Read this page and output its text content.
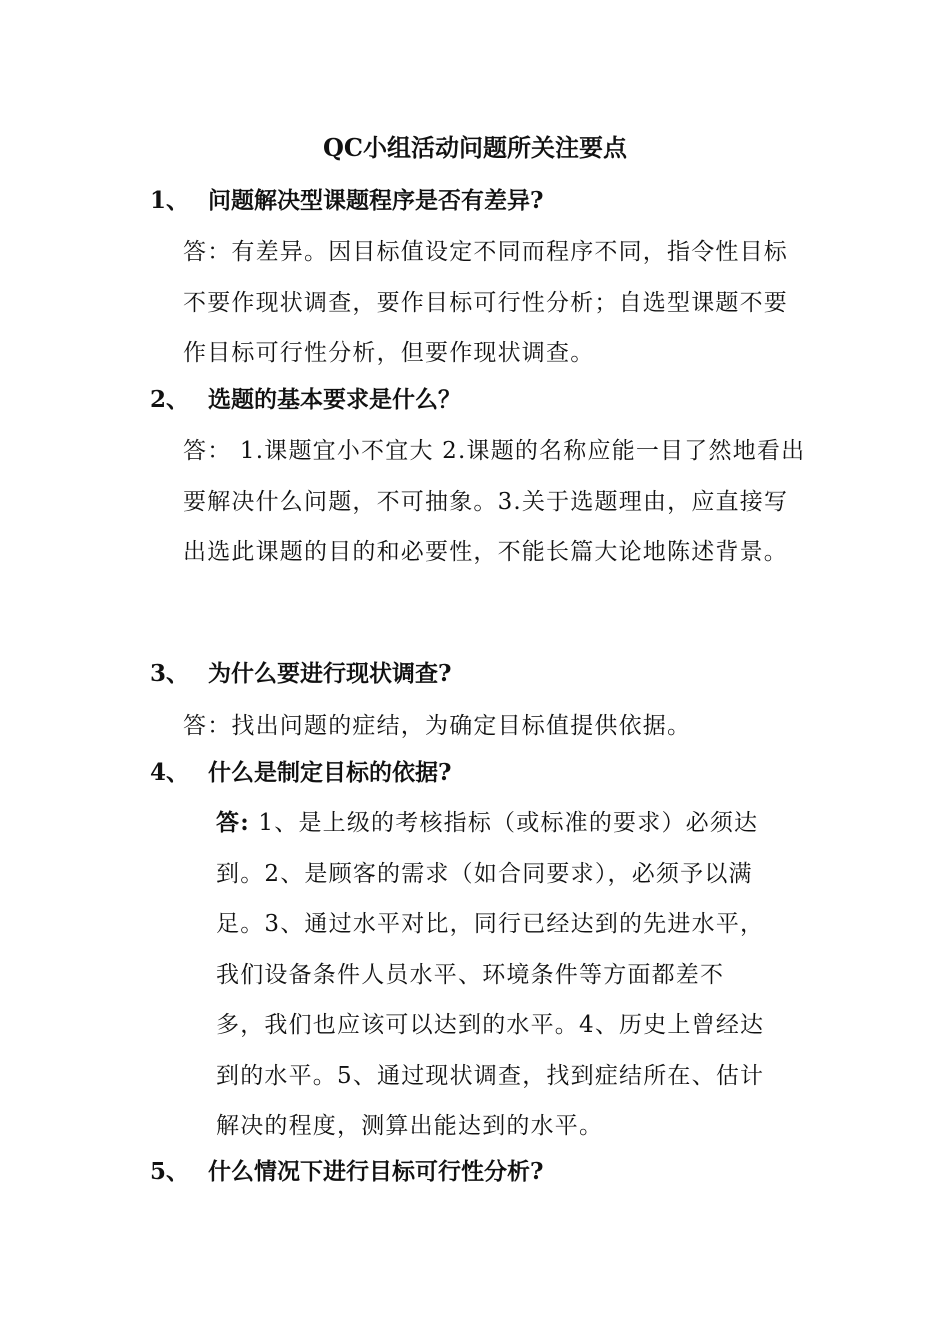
QC小组活动问题所关注要点
1、 问题解决型课题程序是否有差异?
答：有差异。因目标值设定不同而程序不同，指令性目标不要作现状调查，要作目标可行性分析；自选型课题不要作目标可行性分析，但要作现状调查。
2、 选题的基本要求是什么？
答： 1.课题宜小不宜大 2.课题的名称应能一目了然地看出要解决什么问题，不可抽象。3.关于选题理由，应直接写出选此课题的目的和必要性，不能长篇大论地陈述背景。
3、 为什么要进行现状调查?
答：找出问题的症结，为确定目标值提供依据。
4、 什么是制定目标的依据?
答: 1、是上级的考核指标（或标准的要求）必须达
到。2、是顾客的需求（如合同要求），必须予以满
足。3、通过水平对比，同行已经达到的先进水平，
我们设备条件人员水平、环境条件等方面都差不
多，我们也应该可以达到的水平。4、历史上曾经达
到的水平。5、通过现状调查，找到症结所在、估计
解决的程度，测算出能达到的水平。
5、 什么情况下进行目标可行性分析?
